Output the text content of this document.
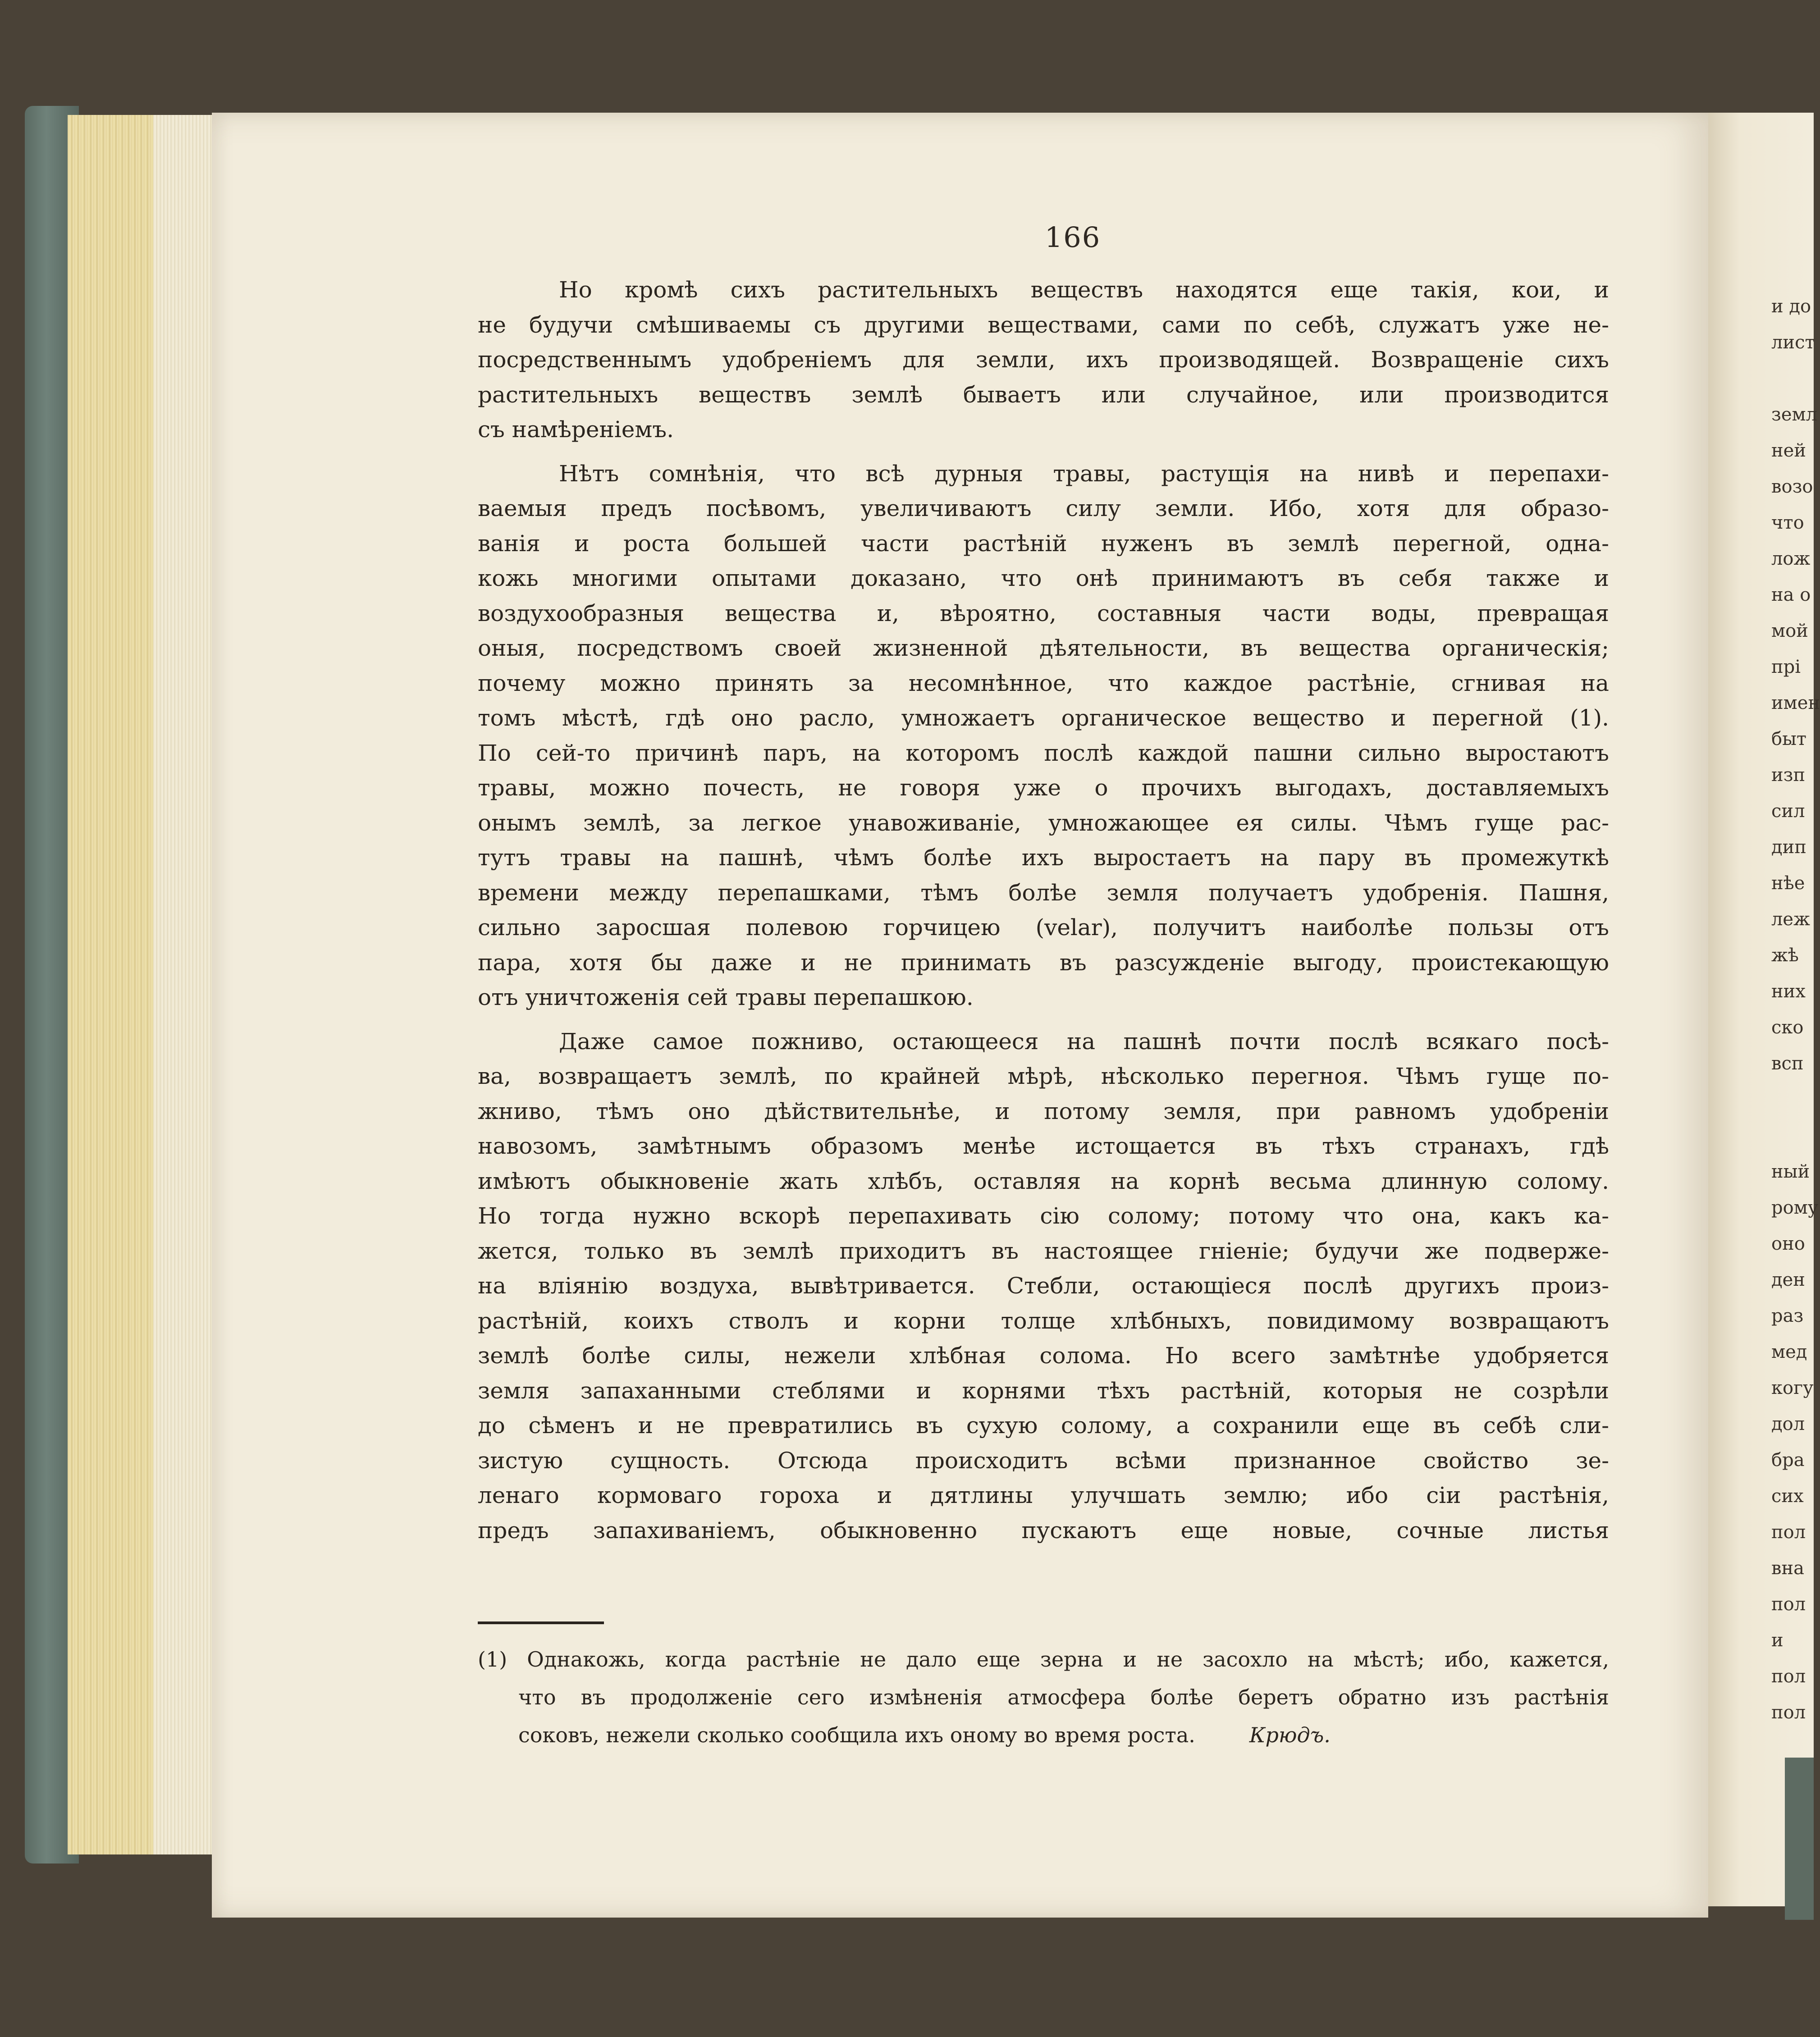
166
Но кромѣ сихъ растительныхъ веществъ находятся еще такія, кои, и
не будучи смѣшиваемы съ другими веществами, сами по себѣ, служатъ уже не-
посредственнымъ удобреніемъ для земли, ихъ производящей. Возвращеніе сихъ
растительныхъ веществъ землѣ бываетъ или случайное, или производится
съ намѣреніемъ.
Нѣтъ сомнѣнія, что всѣ дурныя травы, растущія на нивѣ и перепахи-
ваемыя предъ посѣвомъ, увеличиваютъ силу земли. Ибо, хотя для образо-
ванія и роста большей части растѣній нуженъ въ землѣ перегной, одна-
кожь многими опытами доказано, что онѣ принимаютъ въ себя также и
воздухообразныя вещества и, вѣроятно, составныя части воды, превращая
оныя, посредствомъ своей жизненной дѣятельности, въ вещества органическія;
почему можно принять за несомнѣнное, что каждое растѣніе, сгнивая на
томъ мѣстѣ, гдѣ оно расло, умножаетъ органическое вещество и перегной (1).
По сей-то причинѣ паръ, на которомъ послѣ каждой пашни сильно выростаютъ
травы, можно почесть, не говоря уже о прочихъ выгодахъ, доставляемыхъ
онымъ землѣ, за легкое унавоживаніе, умножающее ея силы. Чѣмъ гуще рас-
тутъ травы на пашнѣ, чѣмъ болѣе ихъ выростаетъ на пару въ промежуткѣ
времени между перепашками, тѣмъ болѣе земля получаетъ удобренія. Пашня,
сильно заросшая полевою горчицею (velar), получитъ наиболѣе пользы отъ
пара, хотя бы даже и не принимать въ разсужденіе выгоду, проистекающую
отъ уничтоженія сей травы перепашкою.
Даже самое пожниво, остающееся на пашнѣ почти послѣ всякаго посѣ-
ва, возвращаетъ землѣ, по крайней мѣрѣ, нѣсколько перегноя. Чѣмъ гуще по-
жниво, тѣмъ оно дѣйствительнѣе, и потому земля, при равномъ удобреніи
навозомъ, замѣтнымъ образомъ менѣе истощается въ тѣхъ странахъ, гдѣ
имѣютъ обыкновеніе жать хлѣбъ, оставляя на корнѣ весьма длинную солому.
Но тогда нужно вскорѣ перепахивать сію солому; потому что она, какъ ка-
жется, только въ землѣ приходитъ въ настоящее гніеніе; будучи же подверже-
на вліянію воздуха, вывѣтривается. Стебли, остающіеся послѣ другихъ произ-
растѣній, коихъ стволъ и корни толще хлѣбныхъ, повидимому возвращаютъ
землѣ болѣе силы, нежели хлѣбная солома. Но всего замѣтнѣе удобряется
земля запаханными стеблями и корнями тѣхъ растѣній, которыя не созрѣли
до сѣменъ и не превратились въ сухую солому, а сохранили еще въ себѣ сли-
зистую сущность. Отсюда происходитъ всѣми признанное свойство зе-
ленаго кормоваго гороха и дятлины улучшать землю; ибо сіи растѣнія,
предъ запахиваніемъ, обыкновенно пускаютъ еще новые, сочные листья
(1) Однакожь, когда растѣніе не дало еще зерна и не засохло на мѣстѣ; ибо, кажется,
что въ продолженіе сего измѣненія атмосфера болѣе беретъ обратно изъ растѣнія
соковъ, нежели сколько сообщила ихъ оному во время роста.	Крюдъ.
и до
лист
земл
ней
возо
что
лож
на о
мой
прі
имен
быт
изп
сил
дип
нѣе
леж
жѣ
них
ско
всп
ный
рому
оно
ден
раз
мед
когу
дол
бра
сих
пол
вна
пол
и
пол
пол
